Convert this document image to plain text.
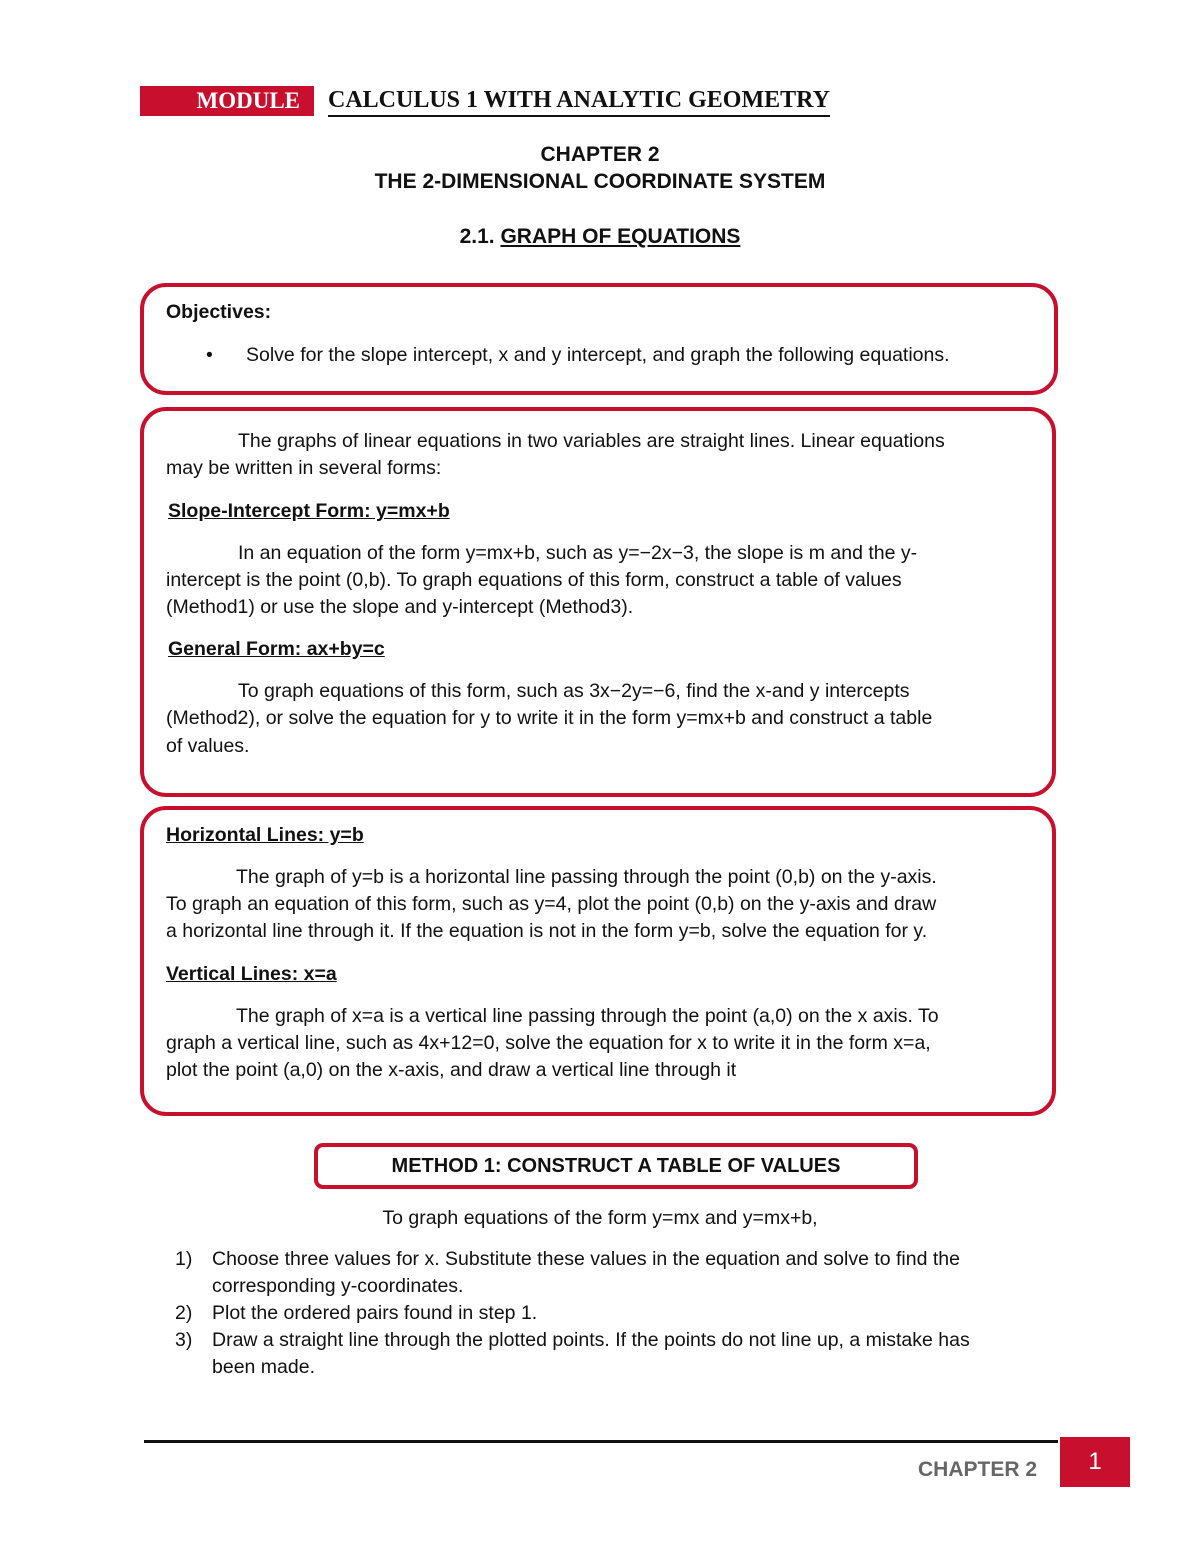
MODULE CALCULUS 1 WITH ANALYTIC GEOMETRY
CHAPTER 2
THE 2-DIMENSIONAL COORDINATE SYSTEM
2.1. GRAPH OF EQUATIONS
Objectives:
• Solve for the slope intercept, x and y intercept, and graph the following equations.
The graphs of linear equations in two variables are straight lines. Linear equations
may be written in several forms:
Slope-Intercept Form: y=mx+b
In an equation of the form y=mx+b, such as y=−2x−3, the slope is m and the y-
intercept is the point (0,b). To graph equations of this form, construct a table of values
(Method1) or use the slope and y-intercept (Method3).
General Form: ax+by=c
To graph equations of this form, such as 3x−2y=−6, find the x-and y intercepts
(Method2), or solve the equation for y to write it in the form y=mx+b and construct a table
of values.
Horizontal Lines: y=b
The graph of y=b is a horizontal line passing through the point (0,b) on the y-axis.
To graph an equation of this form, such as y=4, plot the point (0,b) on the y-axis and draw
a horizontal line through it. If the equation is not in the form y=b, solve the equation for y.
Vertical Lines: x=a
The graph of x=a is a vertical line passing through the point (a,0) on the x axis. To
graph a vertical line, such as 4x+12=0, solve the equation for x to write it in the form x=a,
plot the point (a,0) on the x-axis, and draw a vertical line through it
METHOD 1: CONSTRUCT A TABLE OF VALUES
To graph equations of the form y=mx and y=mx+b,
1) Choose three values for x. Substitute these values in the equation and solve to find the
corresponding y-coordinates.
2) Plot the ordered pairs found in step 1.
3) Draw a straight line through the plotted points. If the points do not line up, a mistake has
been made.
CHAPTER 2	1
